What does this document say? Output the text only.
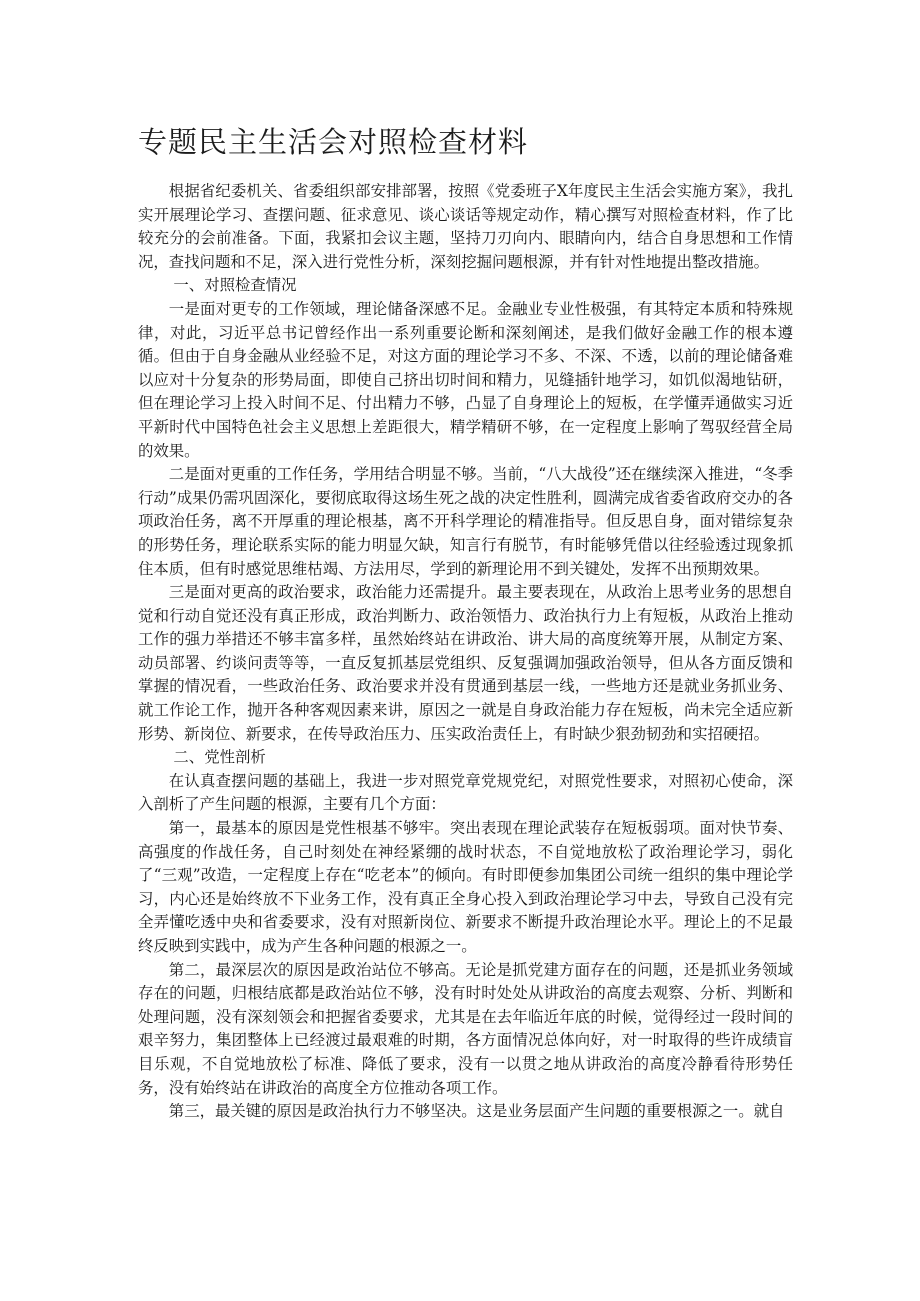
专题民主生活会对照检查材料

根据省纪委机关、省委组织部安排部署，按照《党委班子X年度民主生活会实施方案》，我扎实开展理论学习、查摆问题、征求意见、谈心谈话等规定动作，精心撰写对照检查材料，作了比较充分的会前准备。下面，我紧扣会议主题，坚持刀刃向内、眼睛向内，结合自身思想和工作情况，查找问题和不足，深入进行党性分析，深刻挖掘问题根源，并有针对性地提出整改措施。

一、对照检查情况

一是面对更专的工作领域，理论储备深感不足。金融业专业性极强，有其特定本质和特殊规律，对此，习近平总书记曾经作出一系列重要论断和深刻阐述，是我们做好金融工作的根本遵循。但由于自身金融从业经验不足，对这方面的理论学习不多、不深、不透，以前的理论储备难以应对十分复杂的形势局面，即使自己挤出切时间和精力，见缝插针地学习，如饥似渴地钻研，但在理论学习上投入时间不足、付出精力不够，凸显了自身理论上的短板，在学懂弄通做实习近平新时代中国特色社会主义思想上差距很大，精学精研不够，在一定程度上影响了驾驭经营全局的效果。

二是面对更重的工作任务，学用结合明显不够。当前，“八大战役”还在继续深入推进，“冬季行动”成果仍需巩固深化，要彻底取得这场生死之战的决定性胜利，圆满完成省委省政府交办的各项政治任务，离不开厚重的理论根基，离不开科学理论的精准指导。但反思自身，面对错综复杂的形势任务，理论联系实际的能力明显欠缺，知言行有脱节，有时能够凭借以往经验透过现象抓住本质，但有时感觉思维枯竭、方法用尽，学到的新理论用不到关键处，发挥不出预期效果。

三是面对更高的政治要求，政治能力还需提升。最主要表现在，从政治上思考业务的思想自觉和行动自觉还没有真正形成，政治判断力、政治领悟力、政治执行力上有短板，从政治上推动工作的强力举措还不够丰富多样，虽然始终站在讲政治、讲大局的高度统筹开展，从制定方案、动员部署、约谈问责等等，一直反复抓基层党组织、反复强调加强政治领导，但从各方面反馈和掌握的情况看，一些政治任务、政治要求并没有贯通到基层一线，一些地方还是就业务抓业务、就工作论工作，抛开各种客观因素来讲，原因之一就是自身政治能力存在短板，尚未完全适应新形势、新岗位、新要求，在传导政治压力、压实政治责任上，有时缺少狠劲韧劲和实招硬招。

二、党性剖析

在认真查摆问题的基础上，我进一步对照党章党规党纪，对照党性要求，对照初心使命，深入剖析了产生问题的根源，主要有几个方面：

第一，最基本的原因是党性根基不够牢。突出表现在理论武装存在短板弱项。面对快节奏、高强度的作战任务，自己时刻处在神经紧绷的战时状态，不自觉地放松了政治理论学习，弱化了“三观”改造，一定程度上存在“吃老本”的倾向。有时即便参加集团公司统一组织的集中理论学习，内心还是始终放不下业务工作，没有真正全身心投入到政治理论学习中去，导致自己没有完全弄懂吃透中央和省委要求，没有对照新岗位、新要求不断提升政治理论水平。理论上的不足最终反映到实践中，成为产生各种问题的根源之一。

第二，最深层次的原因是政治站位不够高。无论是抓党建方面存在的问题，还是抓业务领域存在的问题，归根结底都是政治站位不够，没有时时处处从讲政治的高度去观察、分析、判断和处理问题，没有深刻领会和把握省委要求，尤其是在去年临近年底的时候，觉得经过一段时间的艰辛努力，集团整体上已经渡过最艰难的时期，各方面情况总体向好，对一时取得的些许成绩盲目乐观，不自觉地放松了标准、降低了要求，没有一以贯之地从讲政治的高度冷静看待形势任务，没有始终站在讲政治的高度全方位推动各项工作。

第三，最关键的原因是政治执行力不够坚决。这是业务层面产生问题的重要根源之一。就自
